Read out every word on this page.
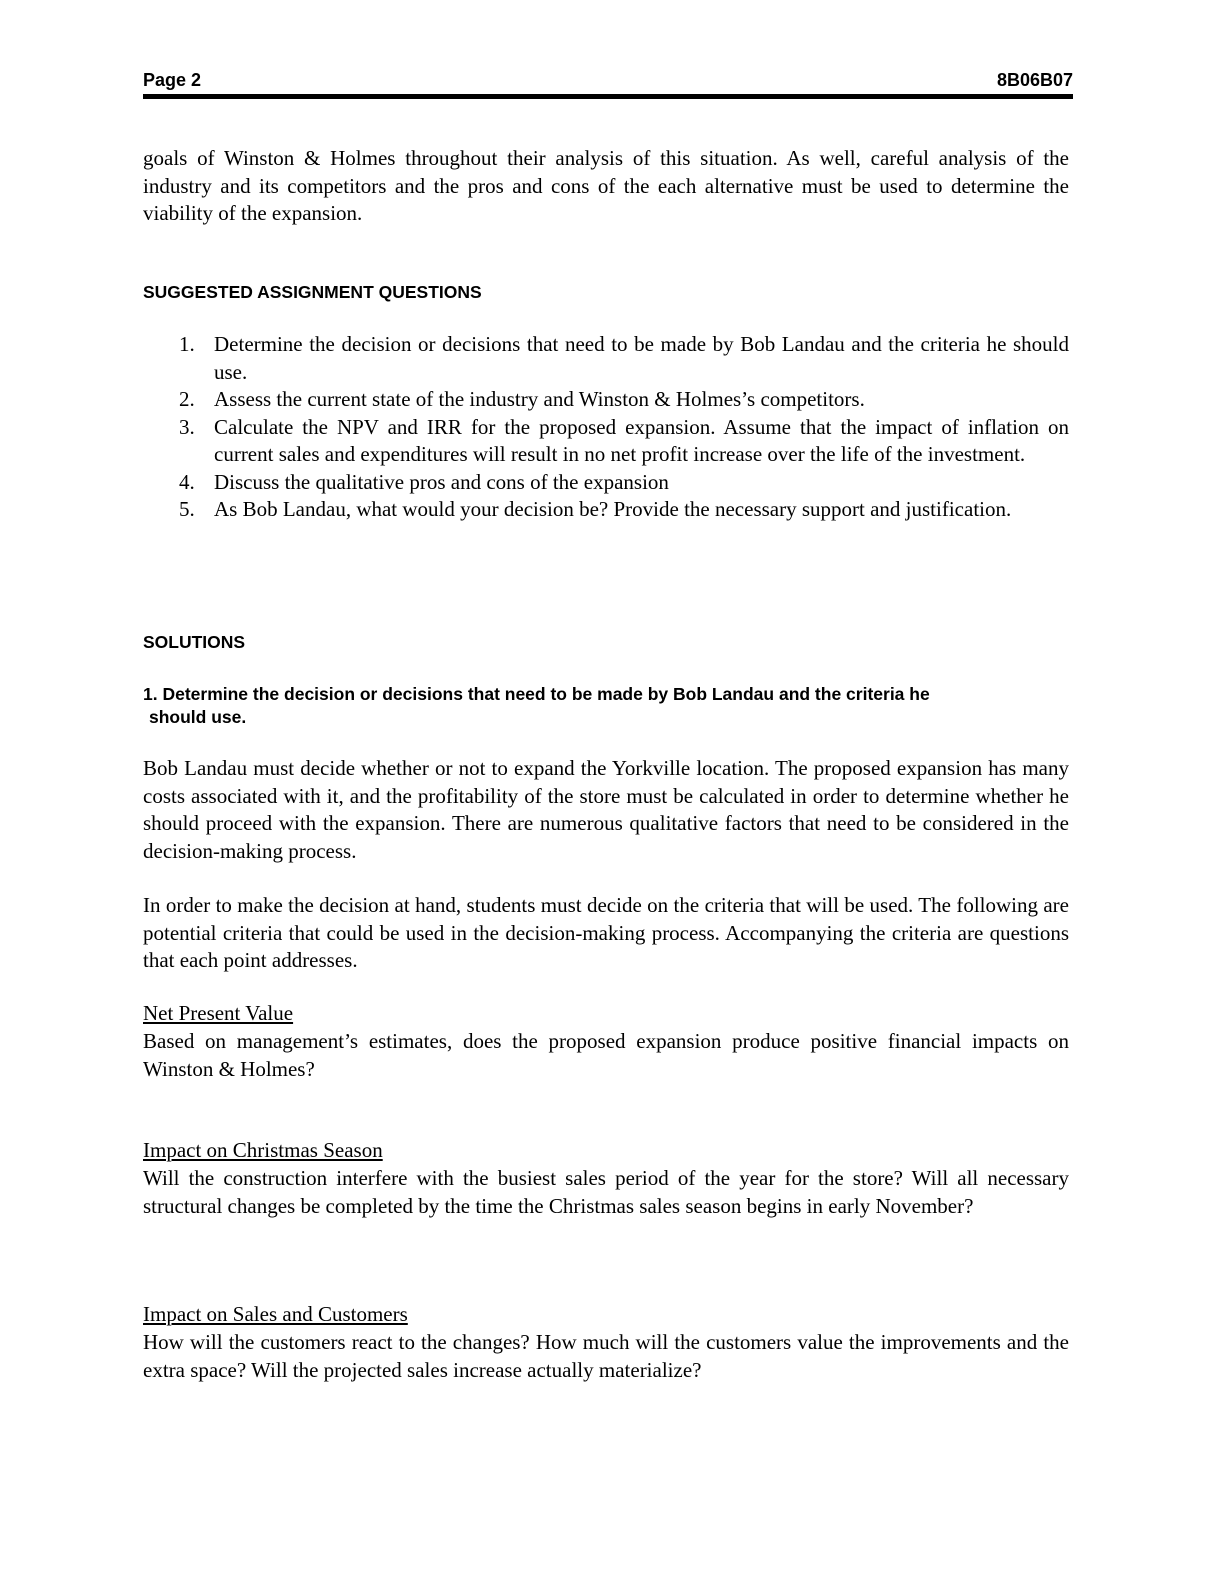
Page 2	8B06B07

goals of Winston & Holmes throughout their analysis of this situation. As well, careful analysis of the industry and its competitors and the pros and cons of the each alternative must be used to determine the viability of the expansion.

SUGGESTED ASSIGNMENT QUESTIONS

1. Determine the decision or decisions that need to be made by Bob Landau and the criteria he should use.
2. Assess the current state of the industry and Winston & Holmes’s competitors.
3. Calculate the NPV and IRR for the proposed expansion. Assume that the impact of inflation on current sales and expenditures will result in no net profit increase over the life of the investment.
4. Discuss the qualitative pros and cons of the expansion
5. As Bob Landau, what would your decision be? Provide the necessary support and justification.

SOLUTIONS

1. Determine the decision or decisions that need to be made by Bob Landau and the criteria he
should use.

Bob Landau must decide whether or not to expand the Yorkville location. The proposed expansion has many costs associated with it, and the profitability of the store must be calculated in order to determine whether he should proceed with the expansion. There are numerous qualitative factors that need to be considered in the decision-making process.

In order to make the decision at hand, students must decide on the criteria that will be used. The following are potential criteria that could be used in the decision-making process. Accompanying the criteria are questions that each point addresses.

Net Present Value

Based on management’s estimates, does the proposed expansion produce positive financial impacts on Winston & Holmes?

Impact on Christmas Season

Will the construction interfere with the busiest sales period of the year for the store? Will all necessary structural changes be completed by the time the Christmas sales season begins in early November?

Impact on Sales and Customers

How will the customers react to the changes? How much will the customers value the improvements and the extra space? Will the projected sales increase actually materialize?
